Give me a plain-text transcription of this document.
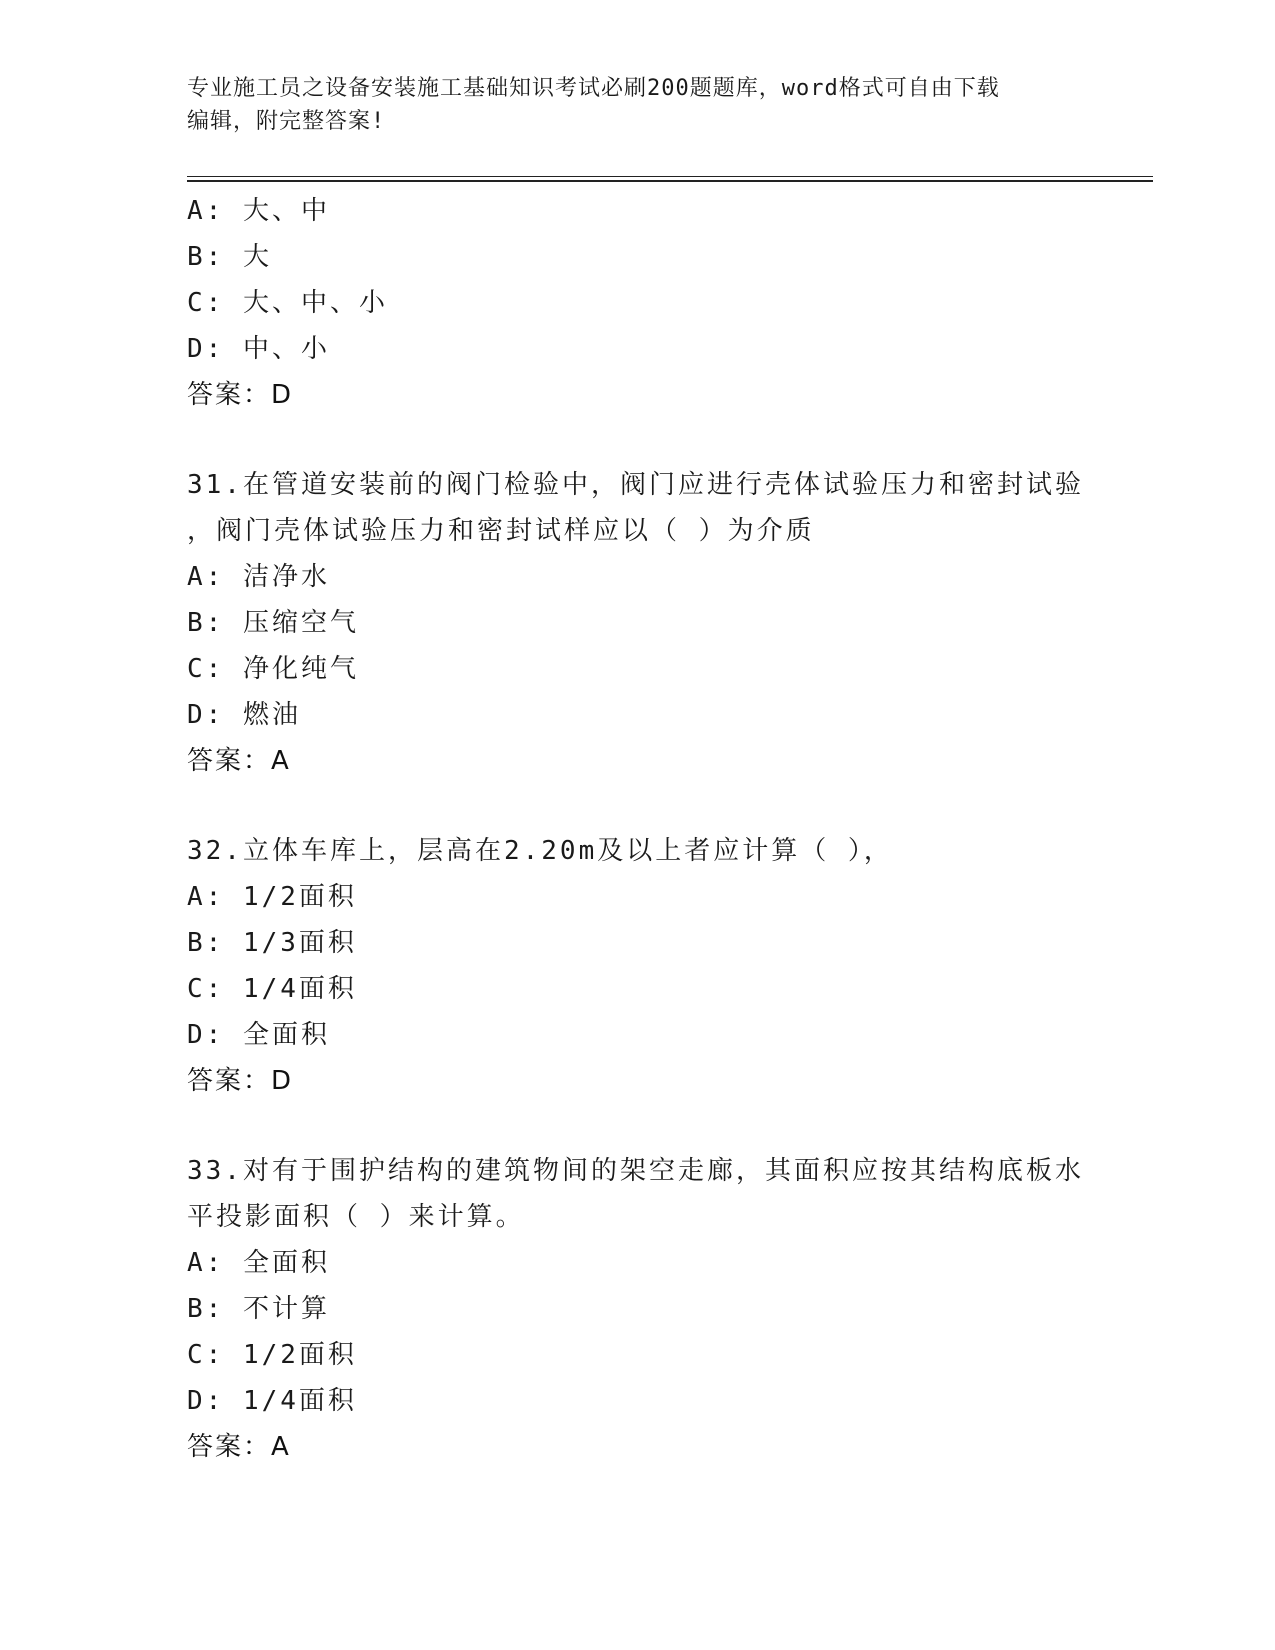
专业施工员之设备安装施工基础知识考试必刷200题题库，word格式可自由下载
编辑，附完整答案!
A: 大、中
B: 大
C: 大、中、小
D: 中、小
答案：D
31.在管道安装前的阀门检验中，阀门应进行壳体试验压力和密封试验
，阀门壳体试验压力和密封试样应以（ ）为介质
A: 洁净水
B: 压缩空气
C: 净化纯气
D: 燃油
答案：A
32.立体车库上，层高在2.20m及以上者应计算（ ），
A: 1/2面积
B: 1/3面积
C: 1/4面积
D: 全面积
答案：D
33.对有于围护结构的建筑物间的架空走廊，其面积应按其结构底板水
平投影面积（ ）来计算。
A: 全面积
B: 不计算
C: 1/2面积
D: 1/4面积
答案：A
